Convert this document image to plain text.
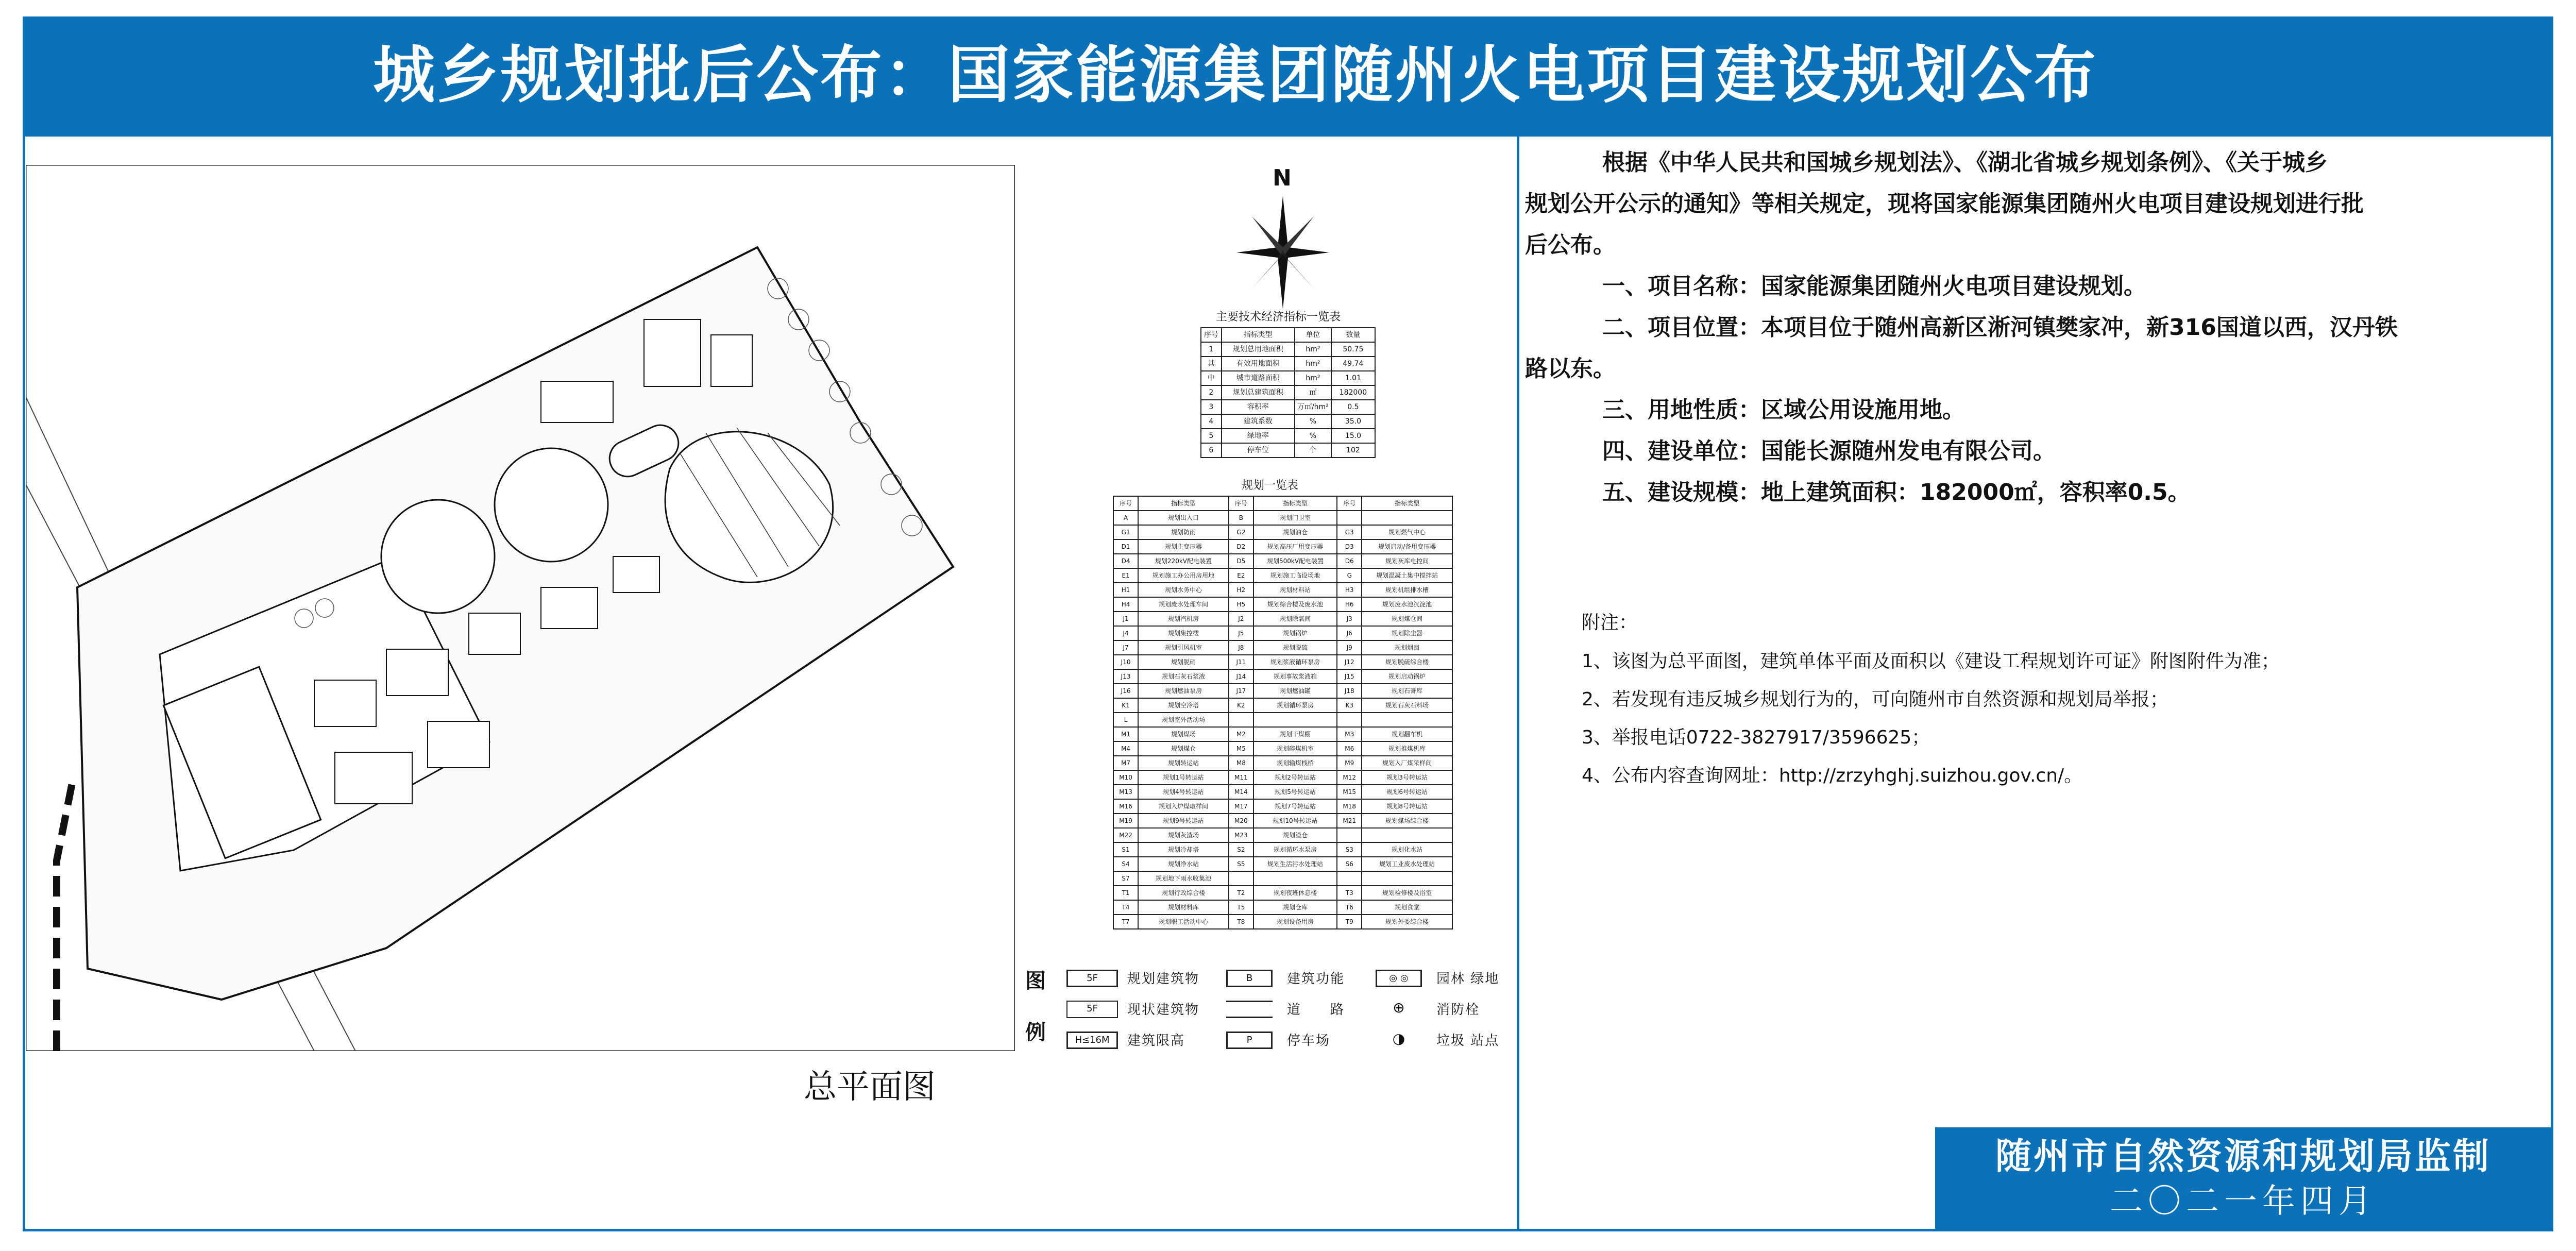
城乡规划批后公布：国家能源集团随州火电项目建设规划公布
总平面图
N
主要技术经济指标一览表
序号	指标类型	单位	数量
1	规划总用地面积	hm²	50.75
其	有效用地面积	hm²	49.74
中	城市道路面积	hm²	1.01
2	规划总建筑面积	㎡	182000
3	容积率	万㎡/hm²	0.5
4	建筑系数	%	35.0
5	绿地率	%	15.0
6	停车位	个	102
规划一览表
序号	指标类型	序号	指标类型	序号	指标类型
A	规划出入口	B	规划门卫室		
G1	规划防雨	G2	规划油仓	G3	规划燃气中心
D1	规划主变压器	D2	规划高压厂用变压器	D3	规划启动/备用变压器
D4	规划220kV配电装置	D5	规划500kV配电装置	D6	规划灰库电控间
E1	规划施工办公用房用地	E2	规划施工临设场地	G	规划混凝土集中搅拌站
H1	规划水务中心	H2	规划材料站	H3	规划机组排水槽
H4	规划废水处理车间	H5	规划综合楼及废水池	H6	规划废水池沉淀池
J1	规划汽机房	J2	规划除氧间	J3	规划煤仓间
J4	规划集控楼	J5	规划锅炉	J6	规划除尘器
J7	规划引风机室	J8	规划脱硫	J9	规划烟囱
J10	规划脱硝	J11	规划浆液循环泵房	J12	规划脱硫综合楼
J13	规划石灰石浆液	J14	规划事故浆液箱	J15	规划启动锅炉
J16	规划燃油泵房	J17	规划燃油罐	J18	规划石膏库
K1	规划空冷塔	K2	规划循环泵房	K3	规划石灰石料场
L	规划室外活动场				
M1	规划煤场	M2	规划干煤棚	M3	规划翻车机
M4	规划煤仓	M5	规划碎煤机室	M6	规划推煤机库
M7	规划转运站	M8	规划输煤栈桥	M9	规划入厂煤采样间
M10	规划1号转运站	M11	规划2号转运站	M12	规划3号转运站
M13	规划4号转运站	M14	规划5号转运站	M15	规划6号转运站
M16	规划入炉煤取样间	M17	规划7号转运站	M18	规划8号转运站
M19	规划9号转运站	M20	规划10号转运站	M21	规划煤场综合楼
M22	规划灰渣场	M23	规划渣仓		
S1	规划冷却塔	S2	规划循环水泵房	S3	规划化水站
S4	规划净水站	S5	规划生活污水处理站	S6	规划工业废水处理站
S7	规划地下雨水收集池				
T1	规划行政综合楼	T2	规划夜班休息楼	T3	规划检修楼及浴室
T4	规划材料库	T5	规划仓库	T6	规划食堂
T7	规划职工活动中心	T8	规划设备用房	T9	规划外委综合楼
图
例
5F	规划建筑物	B	建筑功能	◎ ◎	园林 绿地
5F	现状建筑物	道　　路	⊕	消防栓
H≤16M	建筑限高	P	停车场	◑	垃圾 站点
根据《中华人民共和国城乡规划法》、《湖北省城乡规划条例》、《关于城乡
规划公开公示的通知》等相关规定，现将国家能源集团随州火电项目建设规划进行批
后公布。
一、项目名称：国家能源集团随州火电项目建设规划。
二、项目位置：本项目位于随州高新区淅河镇樊家冲，新316国道以西，汉丹铁
路以东。
三、用地性质：区域公用设施用地。
四、建设单位：国能长源随州发电有限公司。
五、建设规模：地上建筑面积：182000㎡，容积率0.5。
附注：
1、该图为总平面图，建筑单体平面及面积以《建设工程规划许可证》附图附件为准；
2、若发现有违反城乡规划行为的，可向随州市自然资源和规划局举报；
3、举报电话0722-3827917/3596625；
4、公布内容查询网址：http://zrzyhghj.suizhou.gov.cn/。
随州市自然资源和规划局监制
二〇二一年四月
